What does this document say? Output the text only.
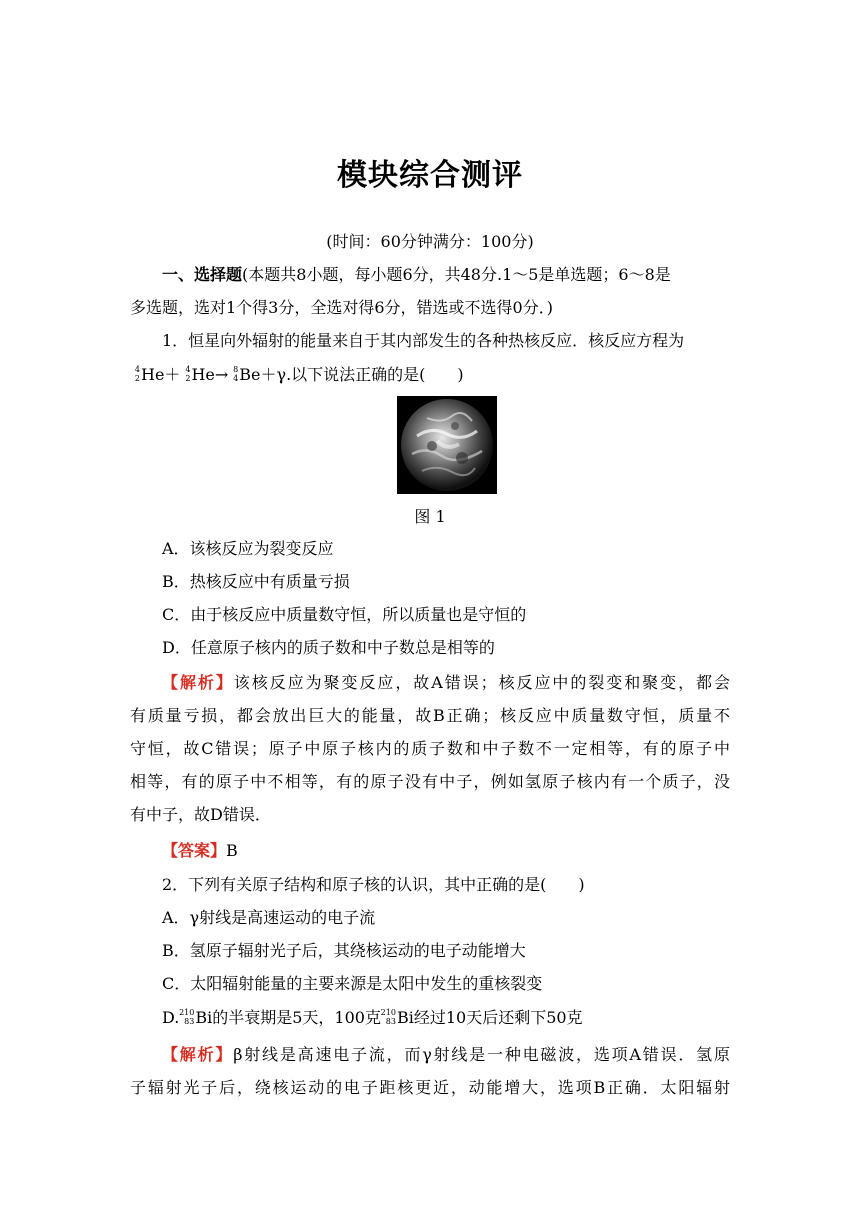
模块综合测评
(时间：60分钟满分：100分)
一、选择题(本题共8小题，每小题6分，共48分.1～5是单选题；6～8是
多选题，选对1个得3分，全选对得6分，错选或不选得0分．)
1．恒星向外辐射的能量来自于其内部发生的各种热核反应．核反应方程为
4
2 He＋ 4
2 He→ 8
4 Be＋γ.以下说法正确的是(　　)
图 1
A．该核反应为裂变反应
B．热核反应中有质量亏损
C．由于核反应中质量数守恒，所以质量也是守恒的
D．任意原子核内的质子数和中子数总是相等的
【解析】该核反应为聚变反应，故A错误；核反应中的裂变和聚变，都会
有质量亏损，都会放出巨大的能量，故B正确；核反应中质量数守恒，质量不
守恒，故C错误；原子中原子核内的质子数和中子数不一定相等，有的原子中
相等，有的原子中不相等，有的原子没有中子，例如氢原子核内有一个质子，没
有中子，故D错误．
【答案】B
2．下列有关原子结构和原子核的认识，其中正确的是(　　)
A．γ射线是高速运动的电子流
B．氢原子辐射光子后，其绕核运动的电子动能增大
C．太阳辐射能量的主要来源是太阳中发生的重核裂变
D. 210
83 Bi的半衰期是5天，100克 210
83 Bi经过10天后还剩下50克
【解析】β射线是高速电子流，而γ射线是一种电磁波，选项A错误．氢原
子辐射光子后，绕核运动的电子距核更近，动能增大，选项B正确．太阳辐射
